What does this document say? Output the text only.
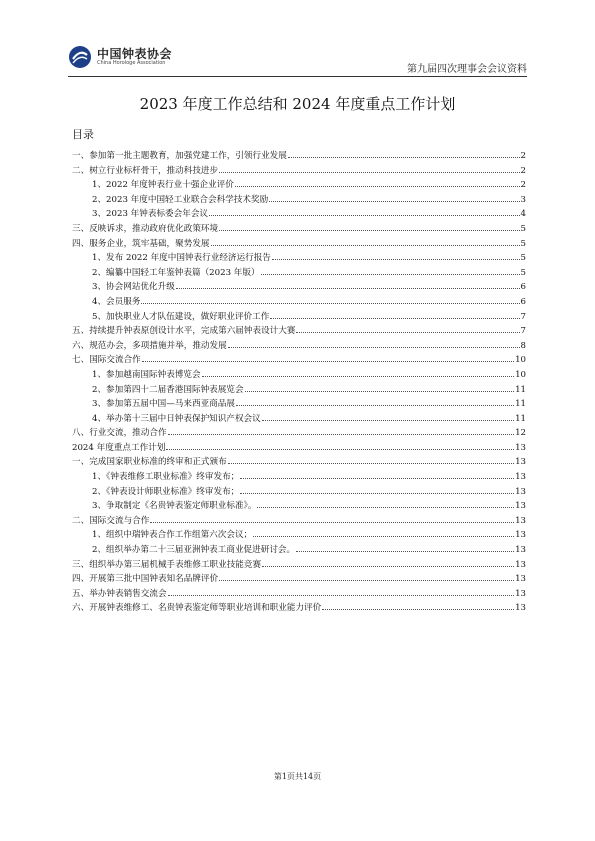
中国钟表协会
China Horologe Association
第九届四次理事会会议资料
2023 年度工作总结和 2024 年度重点工作计划
目录
一、参加第一批主题教育，加强党建工作，引领行业发展	2
二、树立行业标杆骨干，推动科技进步	2
1、2022 年度钟表行业十强企业评价	2
2、2023 年度中国轻工业联合会科学技术奖励	3
3、2023 年钟表标委会年会议	4
三、反映诉求，推动政府优化政策环境	5
四、服务企业，筑牢基础，聚势发展	5
1、发布 2022 年度中国钟表行业经济运行报告	5
2、编纂中国轻工年鉴钟表篇（2023 年版）	5
3、协会网站优化升级	6
4、会员服务	6
5、加快职业人才队伍建设，做好职业评价工作	7
五、持续提升钟表原创设计水平，完成第六届钟表设计大赛	7
六、规范办会，多项措施并举，推动发展	8
七、国际交流合作	10
1、参加越南国际钟表博览会	10
2、参加第四十二届香港国际钟表展览会	11
3、参加第五届中国—马来西亚商品展	11
4、举办第十三届中日钟表保护知识产权会议	11
八、行业交流，推动合作	12
2024 年度重点工作计划	13
一、完成国家职业标准的终审和正式颁布	13
1、《钟表维修工职业标准》终审发布；	13
2、《钟表设计师职业标准》终审发布；	13
3、争取制定《名贵钟表鉴定师职业标准》。	13
二、国际交流与合作	13
1、组织中瑞钟表合作工作组第六次会议；	13
2、组织举办第二十三届亚洲钟表工商业促进研讨会。	13
三、组织举办第三届机械手表维修工职业技能竞赛	13
四、开展第三批中国钟表知名品牌评价	13
五、举办钟表销售交流会	13
六、开展钟表维修工、名贵钟表鉴定师等职业培训和职业能力评价	13
第1页共14页
